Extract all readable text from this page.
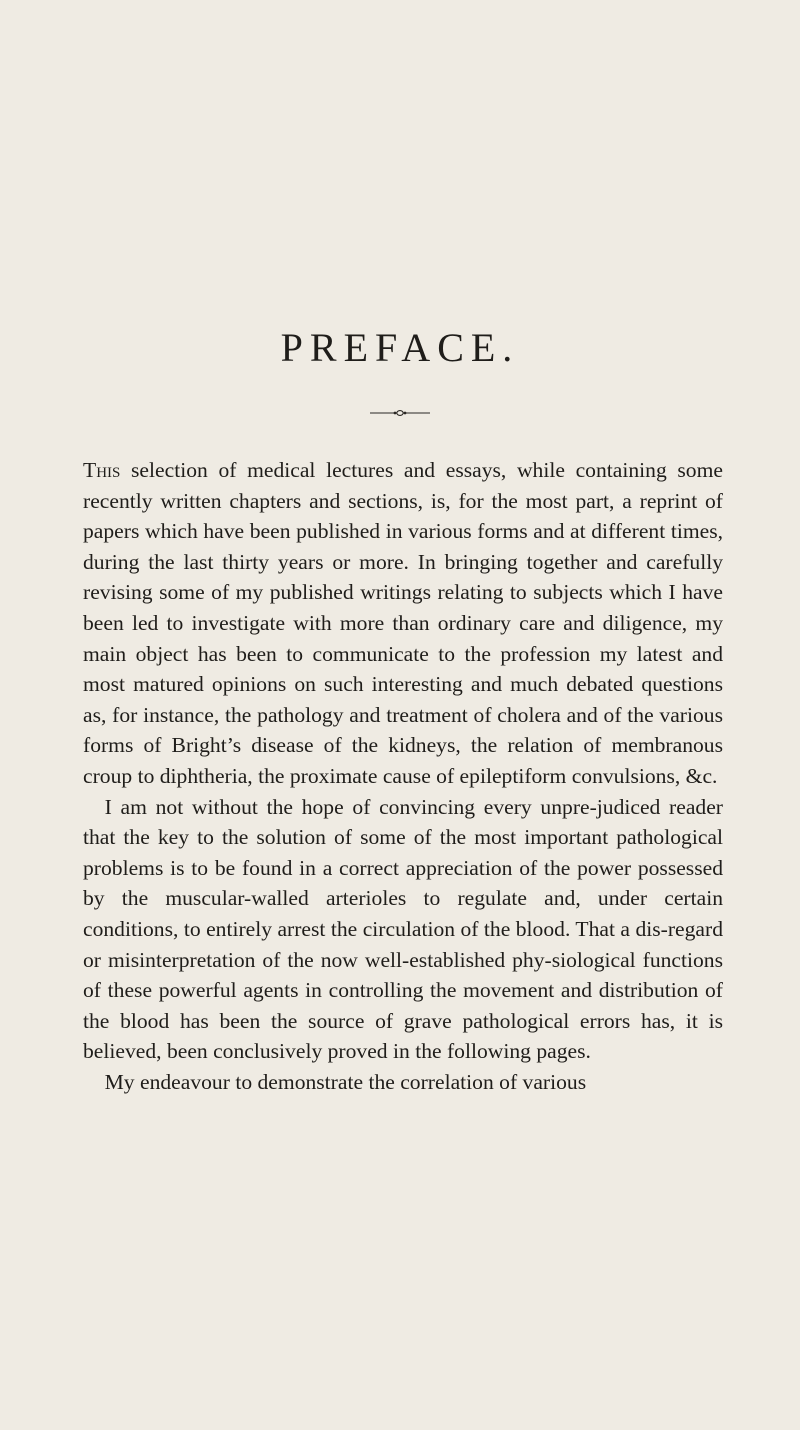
PREFACE.

This selection of medical lectures and essays, while containing some recently written chapters and sections, is, for the most part, a reprint of papers which have been published in various forms and at different times, during the last thirty years or more. In bringing together and carefully revising some of my published writings relating to subjects which I have been led to investigate with more than ordinary care and diligence, my main object has been to communicate to the profession my latest and most matured opinions on such interesting and much debated questions as, for instance, the pathology and treatment of cholera and of the various forms of Bright’s disease of the kidneys, the relation of membranous croup to diphtheria, the proximate cause of epileptiform convulsions, &c.

 I am not without the hope of convincing every unpre-judiced reader that the key to the solution of some of the most important pathological problems is to be found in a correct appreciation of the power possessed by the muscular-walled arterioles to regulate and, under certain conditions, to entirely arrest the circulation of the blood. That a dis-regard or misinterpretation of the now well-established phy-siological functions of these powerful agents in controlling the movement and distribution of the blood has been the source of grave pathological errors has, it is believed, been conclusively proved in the following pages.

 My endeavour to demonstrate the correlation of various
